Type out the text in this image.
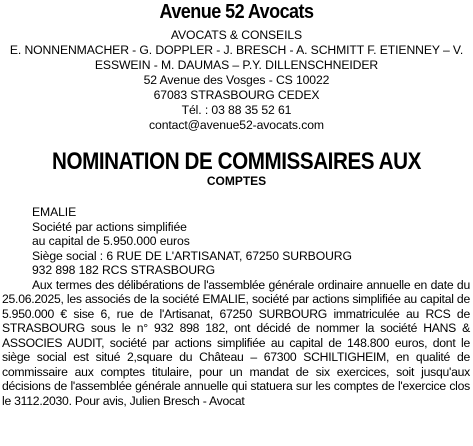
Avenue 52 Avocats
AVOCATS & CONSEILS
E. NONNENMACHER - G. DOPPLER - J. BRESCH - A. SCHMITT F. ETIENNEY – V.
ESSWEIN - M. DAUMAS – P.Y. DILLENSCHNEIDER
52 Avenue des Vosges - CS 10022
67083 STRASBOURG CEDEX
Tél. : 03 88 35 52 61
contact@avenue52-avocats.com
NOMINATION DE COMMISSAIRES AUX
COMPTES
EMALIE
Société par actions simplifiée
au capital de 5.950.000 euros
Siège social : 6 RUE DE L'ARTISANAT, 67250 SURBOURG
932 898 182 RCS STRASBOURG

Aux termes des délibérations de l'assemblée générale ordinaire annuelle en date du 25.06.2025, les associés de la société EMALIE, société par actions simplifiée au capital de 5.950.000 € sise 6, rue de l'Artisanat, 67250 SURBOURG immatriculée au RCS de STRASBOURG sous le n° 932 898 182, ont décidé de nommer la société HANS & ASSOCIES AUDIT, société par actions simplifiée au capital de 148.800 euros, dont le siège social est situé 2,square du Château – 67300 SCHILTIGHEIM, en qualité de commissaire aux comptes titulaire, pour un mandat de six exercices, soit jusqu'aux décisions de l'assemblée générale annuelle qui statuera sur les comptes de l'exercice clos le 3112.2030. Pour avis, Julien Bresch - Avocat
